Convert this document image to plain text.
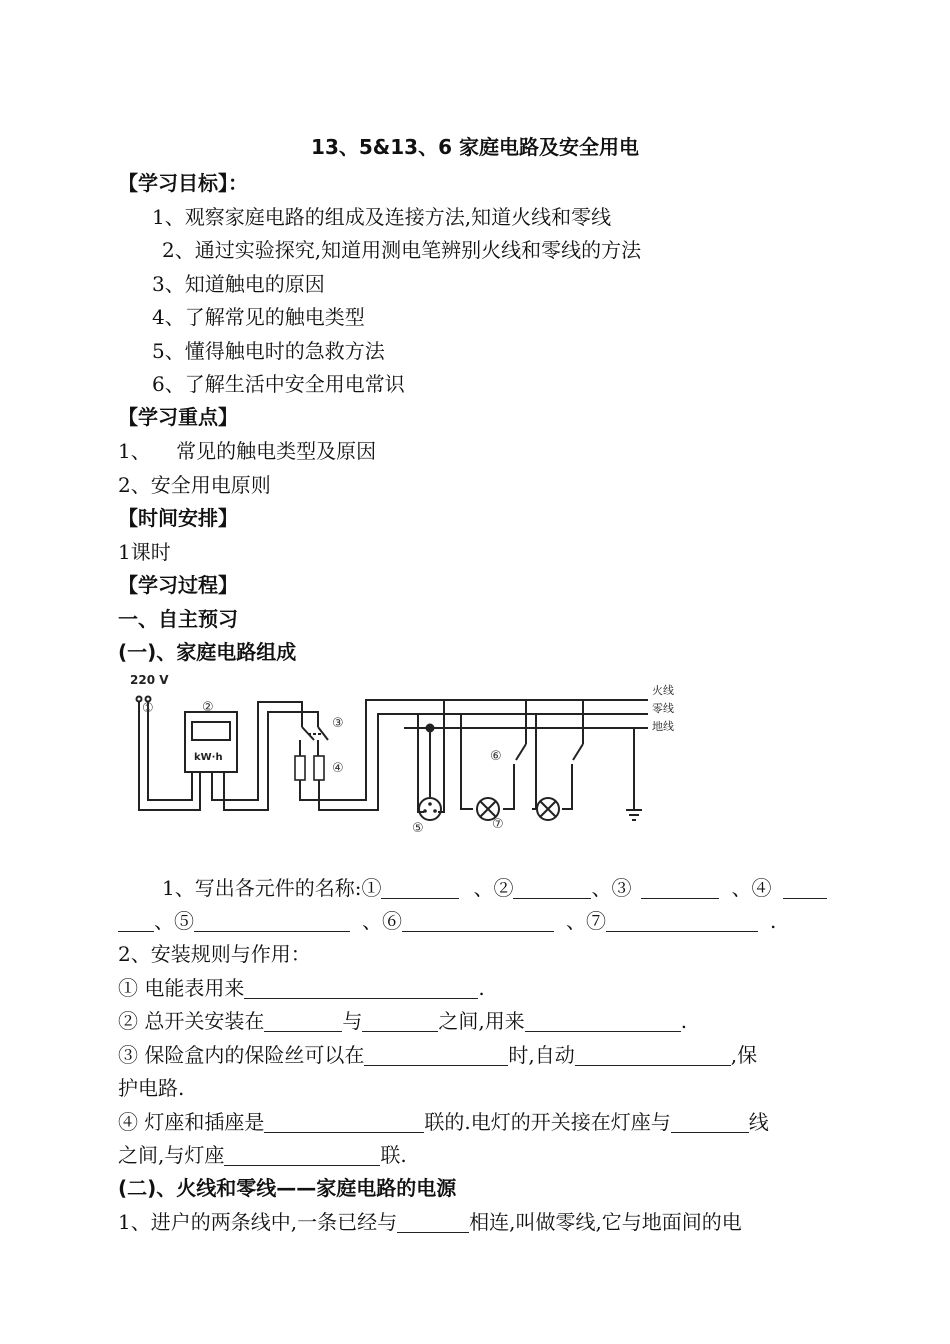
13、5&13、6 家庭电路及安全用电
【学习目标】：
1、观察家庭电路的组成及连接方法,知道火线和零线
2、通过实验探究,知道用测电笔辨别火线和零线的方法
3、知道触电的原因
4、了解常见的触电类型
5、懂得触电时的急救方法
6、了解生活中安全用电常识
【学习重点】
1、    常见的触电类型及原因
2、安全用电原则
【时间安排】
1课时
【学习过程】
一、自主预习
(一)、家庭电路组成
220 V
kW·h
火线
零线
地线
①	②
③
④
⑤
⑥
⑦
1、写出各元件的名称:①	、②	、③	、④
、⑤	、⑥	、⑦	.
2、安装规则与作用：
① 电能表用来	.
② 总开关安装在	与	之间,用来	.
③ 保险盒内的保险丝可以在	时,自动	,保
护电路.
④ 灯座和插座是	联的.电灯的开关接在灯座与	线
之间,与灯座	联.
(二)、火线和零线——家庭电路的电源
1、进户的两条线中,一条已经与	相连,叫做零线,它与地面间的电
